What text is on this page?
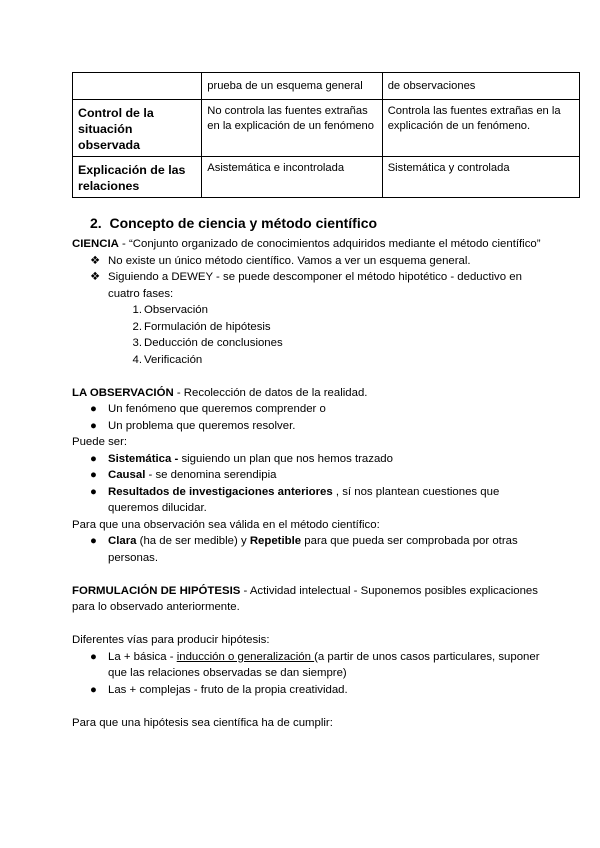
	prueba de un esquema general	de observaciones
Control de la situación observada	No controla las fuentes extrañas en la explicación de un fenómeno	Controla las fuentes extrañas en la explicación de un fenómeno.
Explicación de las relaciones	Asistemática e incontrolada	Sistemática y controlada
2. Concepto de ciencia y método científico

CIENCIA - “Conjunto organizado de conocimientos adquiridos mediante el método científico”

❖ No existe un único método científico. Vamos a ver un esquema general.
❖ Siguiendo a DEWEY - se puede descomponer el método hipotético - deductivo en cuatro fases:
1. Observación
2. Formulación de hipótesis
3. Deducción de conclusiones
4. Verificación

LA OBSERVACIÓN - Recolección de datos de la realidad.

● Un fenómeno que queremos comprender o
● Un problema que queremos resolver.

Puede ser:

● Sistemática - siguiendo un plan que nos hemos trazado
● Causal - se denomina serendipia
● Resultados de investigaciones anteriores , sí nos plantean cuestiones que queremos dilucidar.

Para que una observación sea válida en el método científico:

● Clara (ha de ser medible) y Repetible para que pueda ser comprobada por otras personas.

FORMULACIÓN DE HIPÓTESIS - Actividad intelectual - Suponemos posibles explicaciones para lo observado anteriormente.

Diferentes vías para producir hipótesis:

● La + básica - inducción o generalización (a partir de unos casos particulares, suponer que las relaciones observadas se dan siempre)
● Las + complejas - fruto de la propia creatividad.

Para que una hipótesis sea científica ha de cumplir:
